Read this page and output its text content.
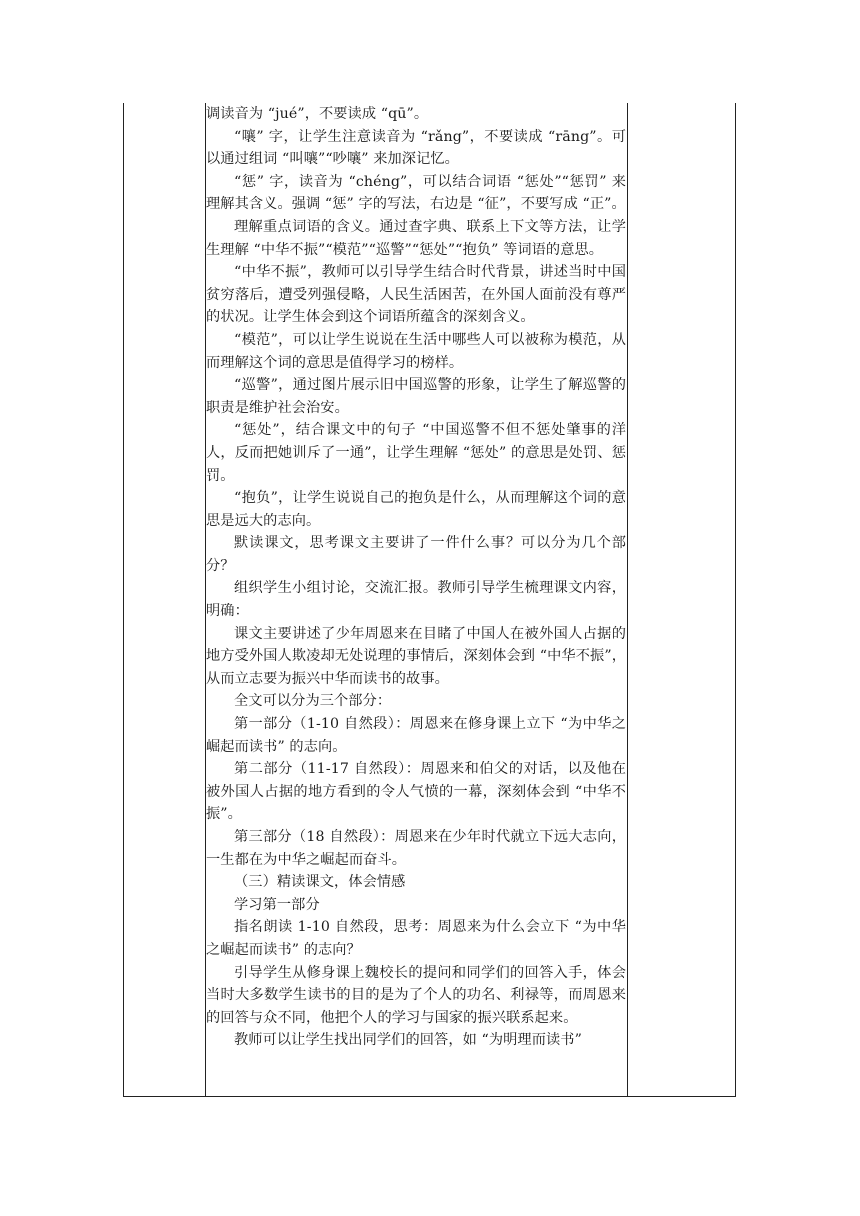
调读音为 “jué”，不要读成 “qū”。

“嚷” 字，让学生注意读音为 “rǎng”，不要读成 “rāng”。可以通过组词 “叫嚷”“吵嚷” 来加深记忆。

“惩” 字，读音为 “chéng”，可以结合词语 “惩处”“惩罚” 来理解其含义。强调 “惩” 字的写法，右边是 “征”，不要写成 “正”。

理解重点词语的含义。通过查字典、联系上下文等方法，让学生理解 “中华不振”“模范”“巡警”“惩处”“抱负” 等词语的意思。

“中华不振”，教师可以引导学生结合时代背景，讲述当时中国贫穷落后，遭受列强侵略，人民生活困苦，在外国人面前没有尊严的状况。让学生体会到这个词语所蕴含的深刻含义。

“模范”，可以让学生说说在生活中哪些人可以被称为模范，从而理解这个词的意思是值得学习的榜样。

“巡警”，通过图片展示旧中国巡警的形象，让学生了解巡警的职责是维护社会治安。

“惩处”，结合课文中的句子 “中国巡警不但不惩处肇事的洋人，反而把她训斥了一通”，让学生理解 “惩处” 的意思是处罚、惩罚。

“抱负”，让学生说说自己的抱负是什么，从而理解这个词的意思是远大的志向。

默读课文，思考课文主要讲了一件什么事？可以分为几个部分？

组织学生小组讨论，交流汇报。教师引导学生梳理课文内容，明确：

课文主要讲述了少年周恩来在目睹了中国人在被外国人占据的地方受外国人欺凌却无处说理的事情后，深刻体会到 “中华不振”，从而立志要为振兴中华而读书的故事。

全文可以分为三个部分：

第一部分（1-10 自然段）：周恩来在修身课上立下 “为中华之崛起而读书” 的志向。

第二部分（11-17 自然段）：周恩来和伯父的对话，以及他在被外国人占据的地方看到的令人气愤的一幕，深刻体会到 “中华不振”。

第三部分（18 自然段）：周恩来在少年时代就立下远大志向，一生都在为中华之崛起而奋斗。

（三）精读课文，体会情感

学习第一部分

指名朗读 1-10 自然段，思考：周恩来为什么会立下 “为中华之崛起而读书” 的志向？

引导学生从修身课上魏校长的提问和同学们的回答入手，体会当时大多数学生读书的目的是为了个人的功名、利禄等，而周恩来的回答与众不同，他把个人的学习与国家的振兴联系起来。

教师可以让学生找出同学们的回答，如 “为明理而读书”
